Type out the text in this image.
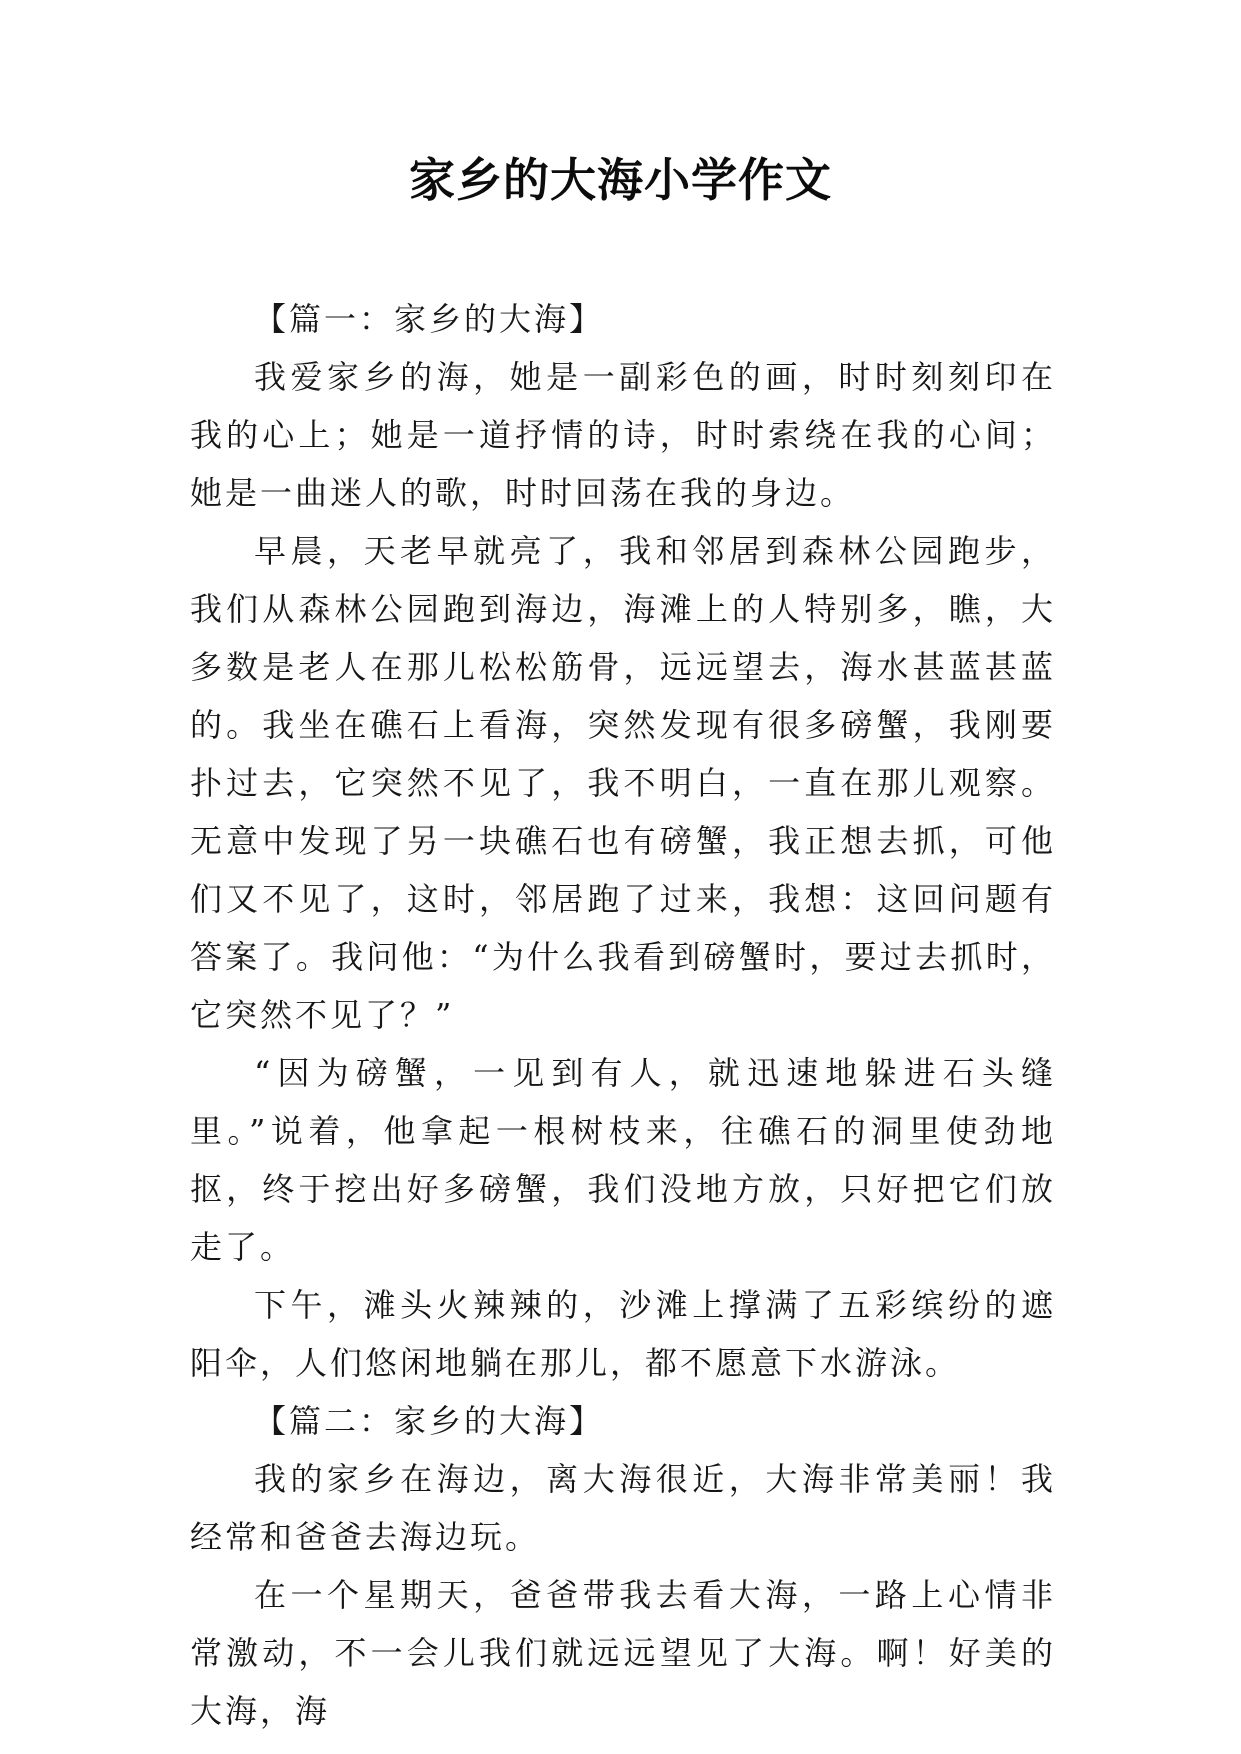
家乡的大海小学作文

【篇一：家乡的大海】

我爱家乡的海，她是一副彩色的画，时时刻刻印在我的心上；她是一道抒情的诗，时时索绕在我的心间；她是一曲迷人的歌，时时回荡在我的身边。

早晨，天老早就亮了，我和邻居到森林公园跑步，我们从森林公园跑到海边，海滩上的人特别多，瞧，大多数是老人在那儿松松筋骨，远远望去，海水甚蓝甚蓝的。我坐在礁石上看海，突然发现有很多磅蟹，我刚要扑过去，它突然不见了，我不明白，一直在那儿观察。无意中发现了另一块礁石也有磅蟹，我正想去抓，可他们又不见了，这时，邻居跑了过来，我想：这回问题有答案了。我问他：“为什么我看到磅蟹时，要过去抓时，它突然不见了？”

“因为磅蟹，一见到有人，就迅速地躲进石头缝里。”说着，他拿起一根树枝来，往礁石的洞里使劲地抠，终于挖出好多磅蟹，我们没地方放，只好把它们放走了。

下午，滩头火辣辣的，沙滩上撑满了五彩缤纷的遮阳伞，人们悠闲地躺在那儿，都不愿意下水游泳。

【篇二：家乡的大海】

我的家乡在海边，离大海很近，大海非常美丽！我经常和爸爸去海边玩。

在一个星期天，爸爸带我去看大海，一路上心情非常激动，不一会儿我们就远远望见了大海。啊！好美的大海，海
